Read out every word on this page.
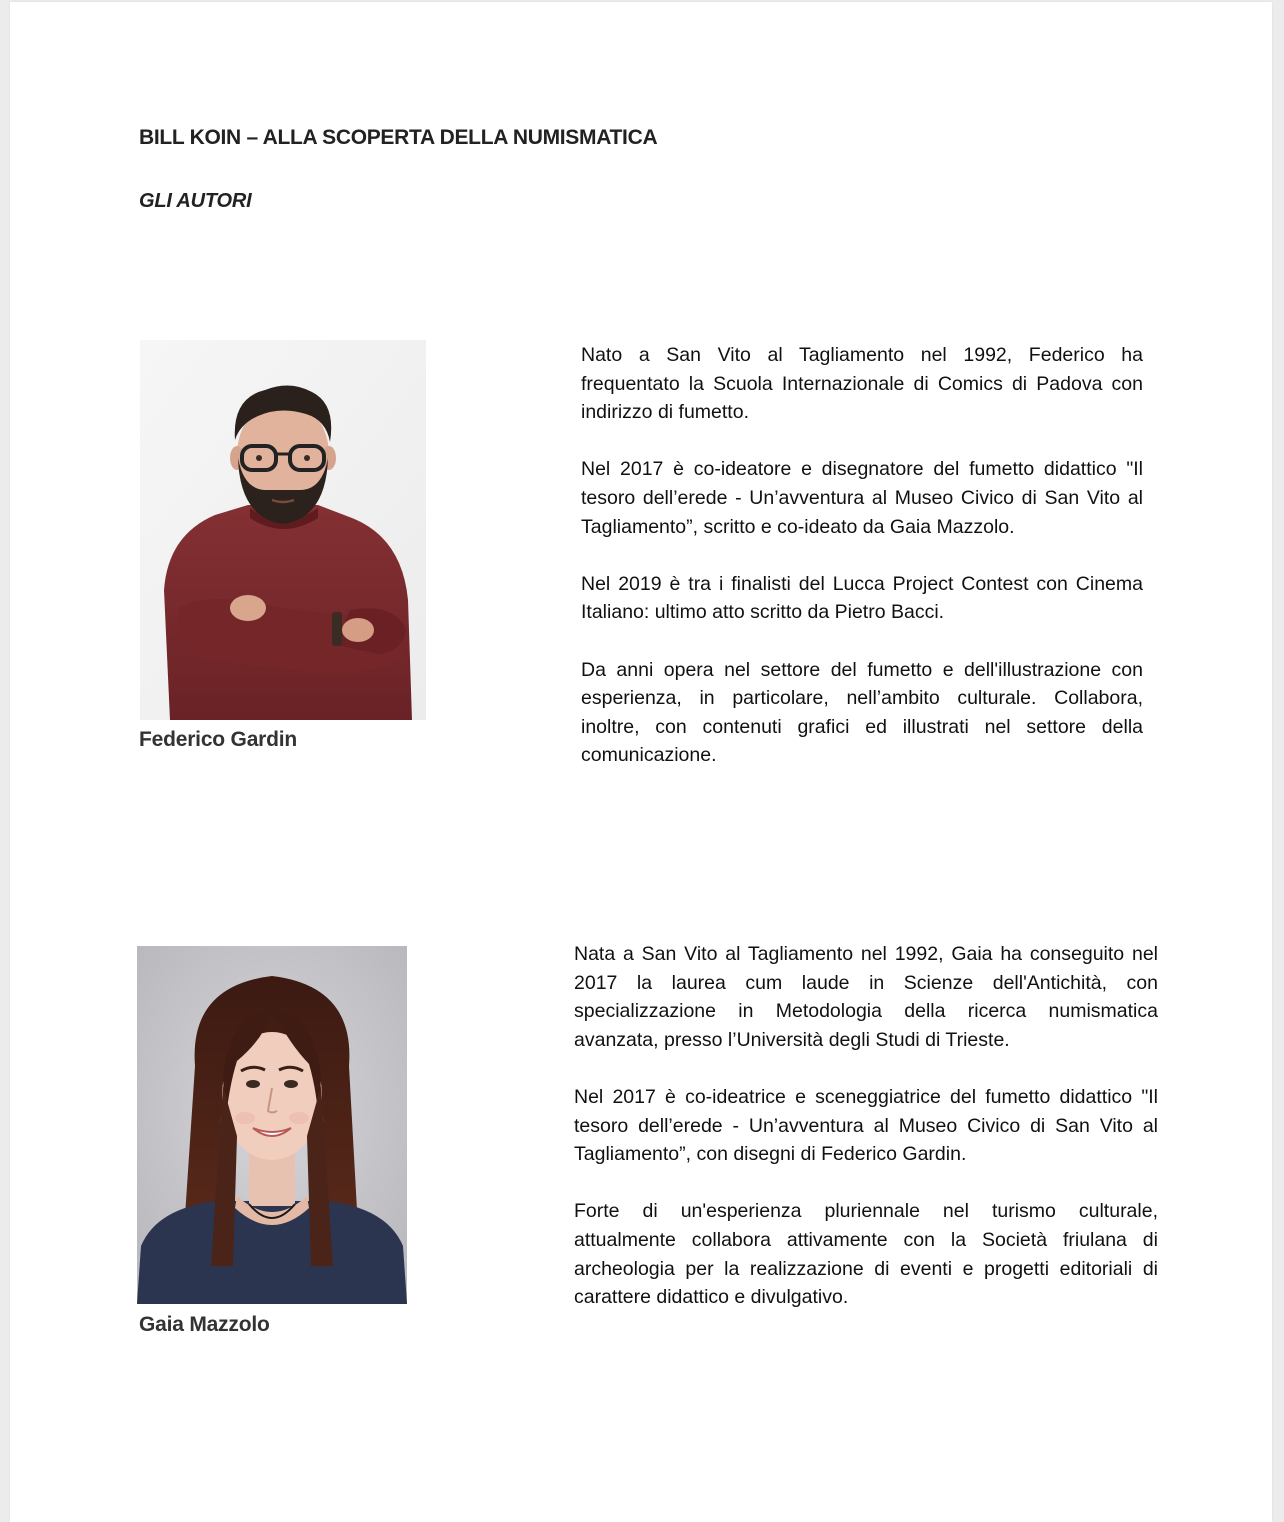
BILL KOIN – ALLA SCOPERTA DELLA NUMISMATICA
GLI AUTORI
Federico Gardin

Nato a San Vito al Tagliamento nel 1992, Federico ha frequentato la Scuola Internazionale di Comics di Padova con indirizzo di fumetto.

Nel 2017 è co-ideatore e disegnatore del fumetto didattico "Il tesoro dell’erede - Un’avventura al Museo Civico di San Vito al Tagliamento”, scritto e co-ideato da Gaia Mazzolo.

Nel 2019 è tra i finalisti del Lucca Project Contest con Cinema Italiano: ultimo atto scritto da Pietro Bacci.

Da anni opera nel settore del fumetto e dell'illustrazione con esperienza, in particolare, nell’ambito culturale. Collabora, inoltre, con contenuti grafici ed illustrati nel settore della comunicazione.

Gaia Mazzolo

Nata a San Vito al Tagliamento nel 1992, Gaia ha conseguito nel 2017 la laurea cum laude in Scienze dell'Antichità, con specializzazione in Metodologia della ricerca numismatica avanzata, presso l’Università degli Studi di Trieste.

Nel 2017 è co-ideatrice e sceneggiatrice del fumetto didattico "Il tesoro dell’erede - Un’avventura al Museo Civico di San Vito al Tagliamento”, con disegni di Federico Gardin.

Forte di un'esperienza pluriennale nel turismo culturale, attualmente collabora attivamente con la Società friulana di archeologia per la realizzazione di eventi e progetti editoriali di carattere didattico e divulgativo.
